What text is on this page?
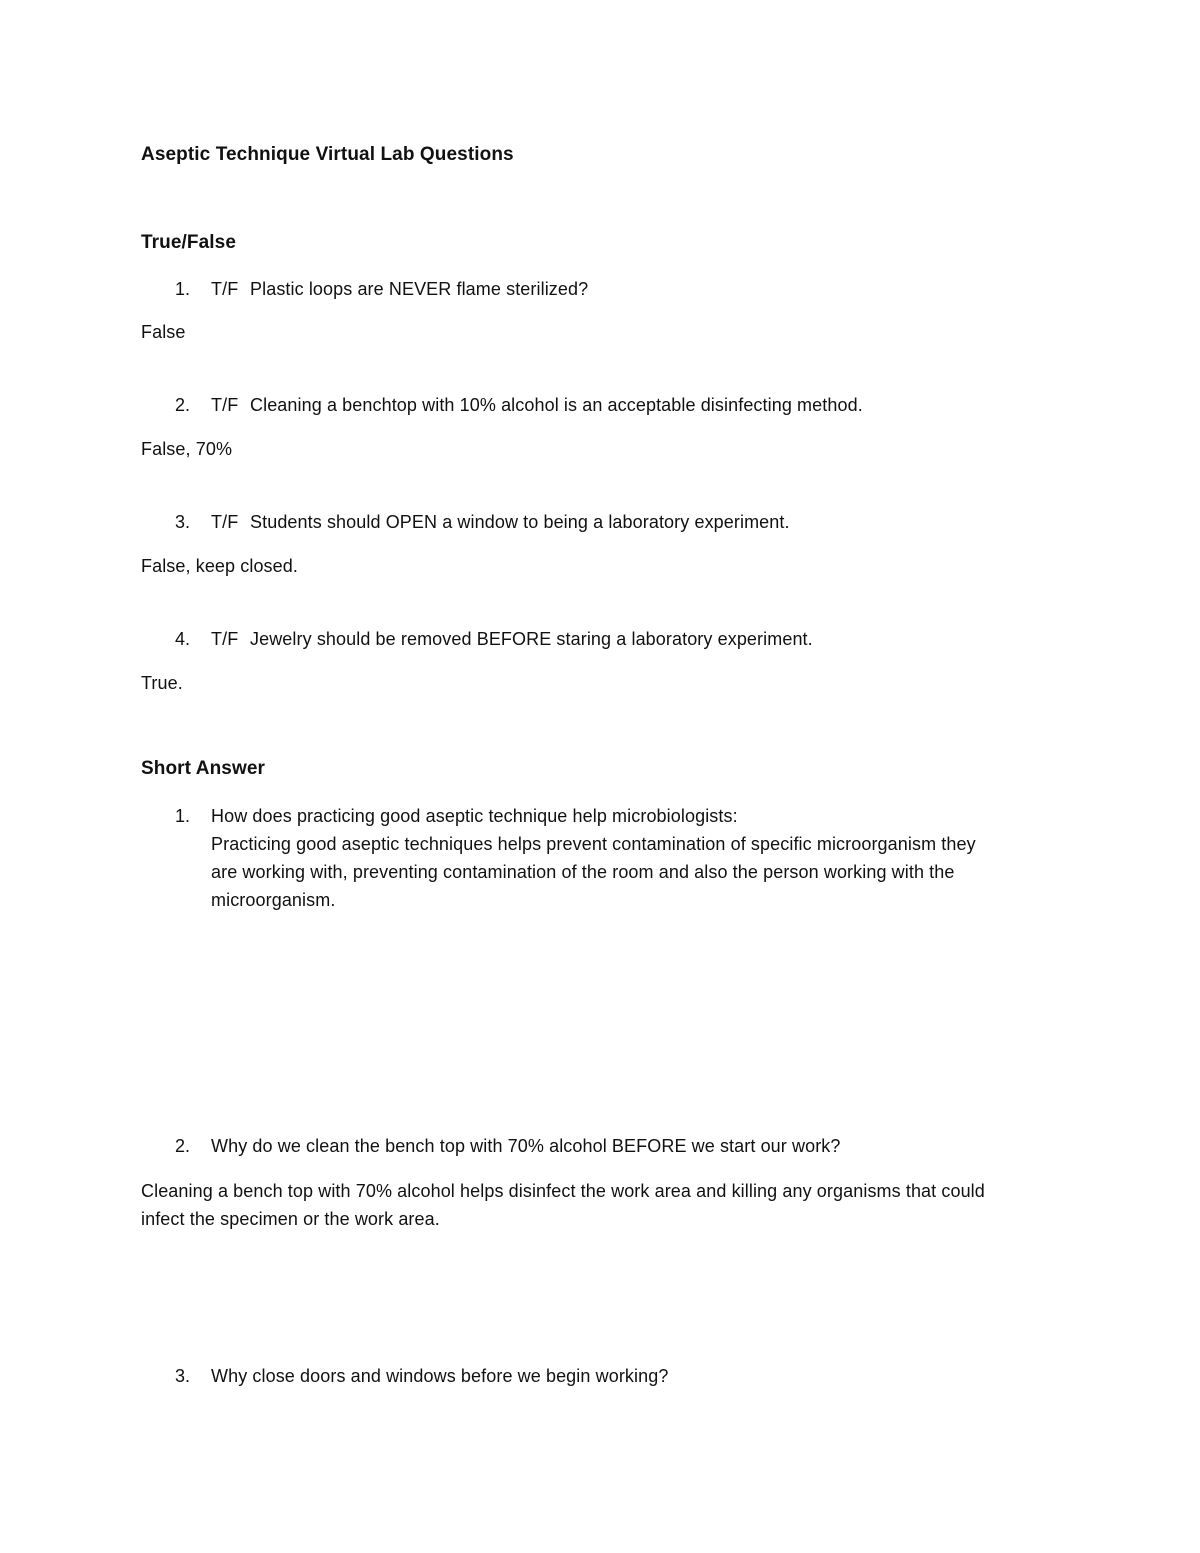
Aseptic Technique Virtual Lab Questions
True/False
1. T/F Plastic loops are NEVER flame sterilized?
False
2. T/F Cleaning a benchtop with 10% alcohol is an acceptable disinfecting method.
False, 70%
3. T/F Students should OPEN a window to being a laboratory experiment.
False, keep closed.
4. T/F Jewelry should be removed BEFORE staring a laboratory experiment.
True.
Short Answer
1. How does practicing good aseptic technique help microbiologists:
Practicing good aseptic techniques helps prevent contamination of specific microorganism they
are working with, preventing contamination of the room and also the person working with the
microorganism.
2. Why do we clean the bench top with 70% alcohol BEFORE we start our work?
Cleaning a bench top with 70% alcohol helps disinfect the work area and killing any organisms that could
infect the specimen or the work area.
3. Why close doors and windows before we begin working?
